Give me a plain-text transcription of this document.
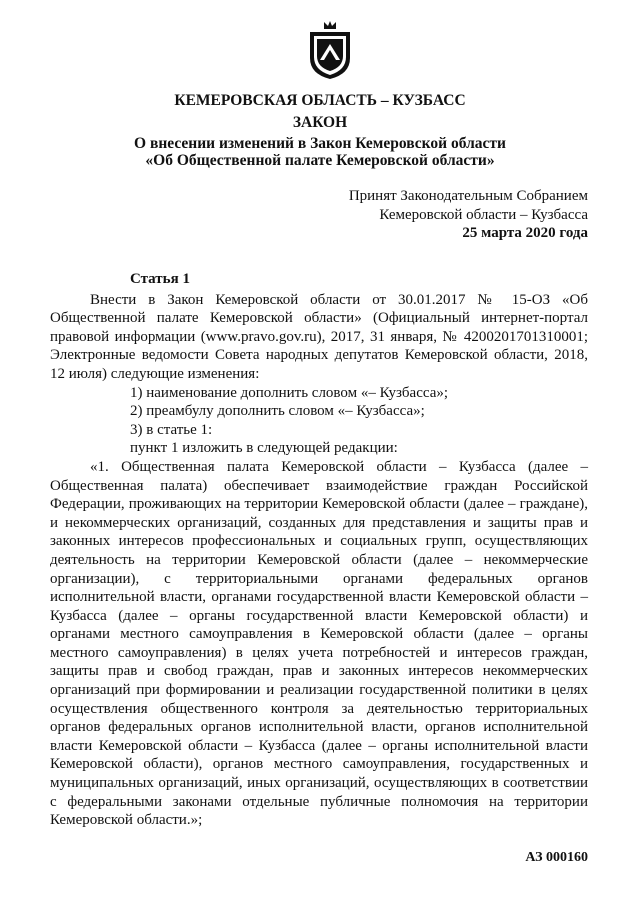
КЕМЕРОВСКАЯ ОБЛАСТЬ – КУЗБАСС
ЗАКОН
О внесении изменений в Закон Кемеровской области
«Об Общественной палате Кемеровской области»
Принят Законодательным Собранием
Кемеровской области – Кузбасса
25 марта 2020 года
Статья 1

Внести в Закон Кемеровской области от 30.01.2017 № 15-ОЗ «Об Общественной палате Кемеровской области» (Официальный интернет-портал правовой информации (www.pravo.gov.ru), 2017, 31 января, № 4200201701310001; Электронные ведомости Совета народных депутатов Кемеровской области, 2018, 12 июля) следующие изменения:

1) наименование дополнить словом «– Кузбасса»;

2) преамбулу дополнить словом «– Кузбасса»;

3) в статье 1:

пункт 1 изложить в следующей редакции:

«1. Общественная палата Кемеровской области – Кузбасса (далее – Общественная палата) обеспечивает взаимодействие граждан Российской Федерации, проживающих на территории Кемеровской области (далее – граждане), и некоммерческих организаций, созданных для представления и защиты прав и законных интересов профессиональных и социальных групп, осуществляющих деятельность на территории Кемеровской области (далее – некоммерческие организации), с территориальными органами федеральных органов исполнительной власти, органами государственной власти Кемеровской области – Кузбасса (далее – органы государственной власти Кемеровской области) и органами местного самоуправления в Кемеровской области (далее – органы местного самоуправления) в целях учета потребностей и интересов граждан, защиты прав и свобод граждан, прав и законных интересов некоммерческих организаций при формировании и реализации государственной политики в целях осуществления общественного контроля за деятельностью территориальных органов федеральных органов исполнительной власти, органов исполнительной власти Кемеровской области – Кузбасса (далее – органы исполнительной власти Кемеровской области), органов местного самоуправления, государственных и муниципальных организаций, иных организаций, осуществляющих в соответствии с федеральными законами отдельные публичные полномочия на территории Кемеровской области.»;

АЗ 000160
